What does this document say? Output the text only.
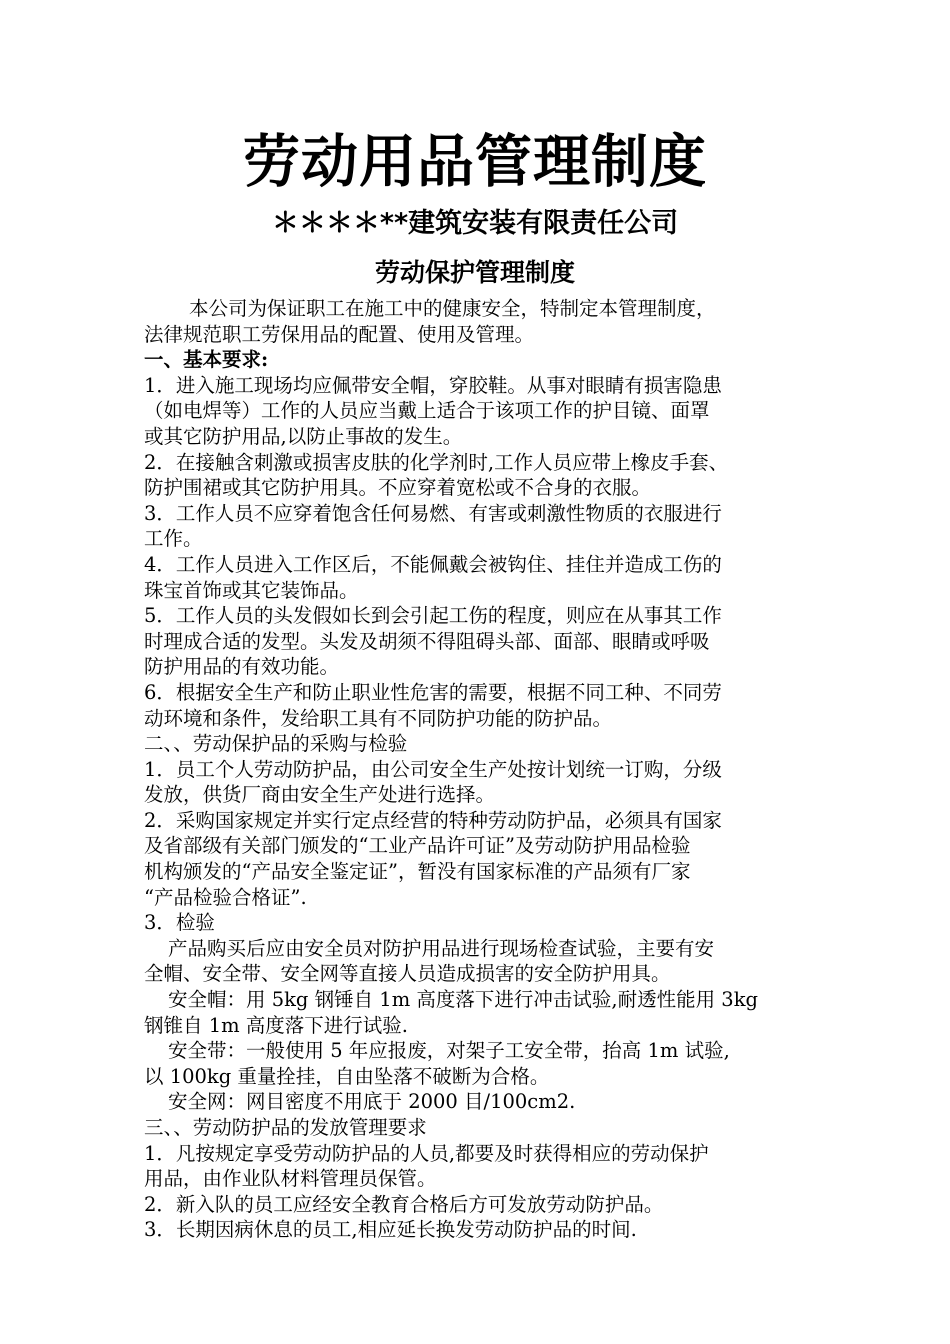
劳动用品管理制度
＊＊＊＊**建筑安装有限责任公司
劳动保护管理制度
本公司为保证职工在施工中的健康安全，特制定本管理制度，
法律规范职工劳保用品的配置、使用及管理。
一、基本要求:
1．进入施工现场均应佩带安全帽，穿胶鞋。从事对眼睛有损害隐患
（如电焊等）工作的人员应当戴上适合于该项工作的护目镜、面罩
或其它防护用品,以防止事故的发生。
2．在接触含刺激或损害皮肤的化学剂时,工作人员应带上橡皮手套、
防护围裙或其它防护用具。不应穿着宽松或不合身的衣服。
3．工作人员不应穿着饱含任何易燃、有害或刺激性物质的衣服进行
工作。
4．工作人员进入工作区后，不能佩戴会被钩住、挂住并造成工伤的
珠宝首饰或其它装饰品。
5．工作人员的头发假如长到会引起工伤的程度，则应在从事其工作
时理成合适的发型。头发及胡须不得阻碍头部、面部、眼睛或呼吸
防护用品的有效功能。
6．根据安全生产和防止职业性危害的需要，根据不同工种、不同劳
动环境和条件，发给职工具有不同防护功能的防护品。
二、、劳动保护品的采购与检验
1．员工个人劳动防护品，由公司安全生产处按计划统一订购，分级
发放，供货厂商由安全生产处进行选择。
2．采购国家规定并实行定点经营的特种劳动防护品，必须具有国家
及省部级有关部门颁发的“工业产品许可证”及劳动防护用品检验
机构颁发的“产品安全鉴定证”，暂没有国家标准的产品须有厂家
“产品检验合格证”.
3．检验
产品购买后应由安全员对防护用品进行现场检查试验，主要有安
全帽、安全带、安全网等直接人员造成损害的安全防护用具。
安全帽：用 5kg 钢锤自 1m 高度落下进行冲击试验,耐透性能用 3kg
钢锥自 1m 高度落下进行试验.
安全带：一般使用 5 年应报废，对架子工安全带，抬高 1m 试验,
以 100kg 重量拴挂，自由坠落不破断为合格。
安全网：网目密度不用底于 2000 目/100cm2.
三、、劳动防护品的发放管理要求
1．凡按规定享受劳动防护品的人员,都要及时获得相应的劳动保护
用品，由作业队材料管理员保管。
2．新入队的员工应经安全教育合格后方可发放劳动防护品。
3．长期因病休息的员工,相应延长换发劳动防护品的时间.
